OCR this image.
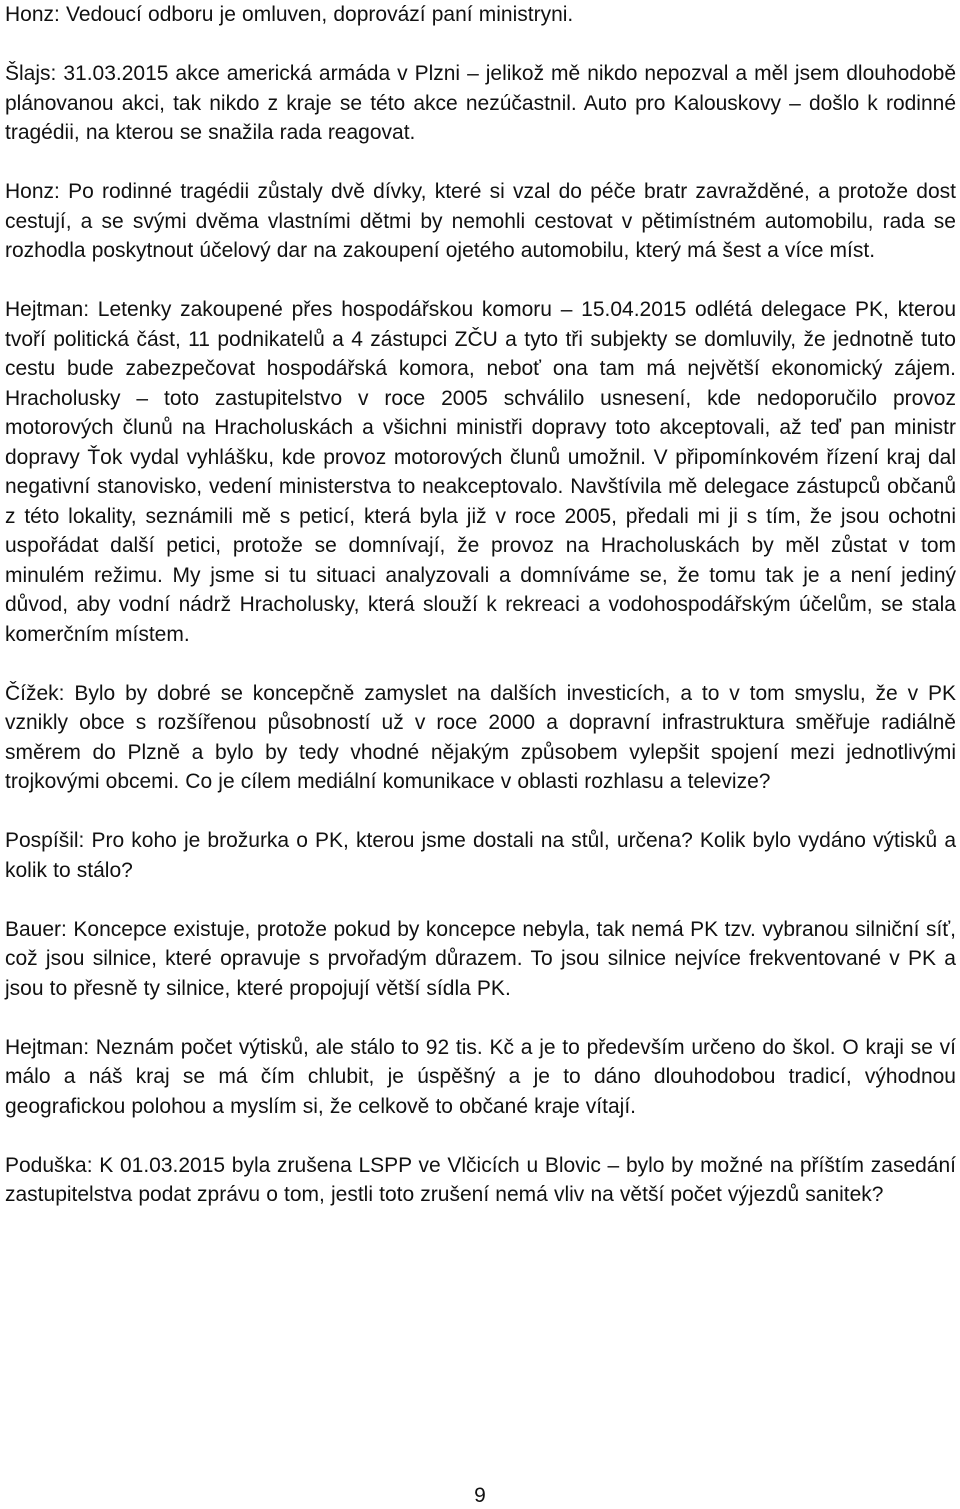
Honz: Vedoucí odboru je omluven, doprovází paní ministryni.

Šlajs: 31.03.2015 akce americká armáda v Plzni – jelikož mě nikdo nepozval a měl jsem dlouhodobě plánovanou akci, tak nikdo z kraje se této akce nezúčastnil. Auto pro Kalouskovy – došlo k rodinné tragédii, na kterou se snažila rada reagovat.

Honz: Po rodinné tragédii zůstaly dvě dívky, které si vzal do péče bratr zavražděné, a protože dost cestují, a se svými dvěma vlastními dětmi by nemohli cestovat v pětimístném automobilu, rada se rozhodla poskytnout účelový dar na zakoupení ojetého automobilu, který má šest a více míst.

Hejtman: Letenky zakoupené přes hospodářskou komoru – 15.04.2015 odlétá delegace PK, kterou tvoří politická část, 11 podnikatelů a 4 zástupci ZČU a tyto tři subjekty se domluvily, že jednotně tuto cestu bude zabezpečovat hospodářská komora, neboť ona tam má největší ekonomický zájem. Hracholusky – toto zastupitelstvo v roce 2005 schválilo usnesení, kde nedoporučilo provoz motorových člunů na Hracholuskách a všichni ministři dopravy toto akceptovali, až teď pan ministr dopravy Ťok vydal vyhlášku, kde provoz motorových člunů umožnil. V připomínkovém řízení kraj dal negativní stanovisko, vedení ministerstva to neakceptovalo. Navštívila mě delegace zástupců občanů z této lokality, seznámili mě s peticí, která byla již v roce 2005, předali mi ji s tím, že jsou ochotni uspořádat další petici, protože se domnívají, že provoz na Hracholuskách by měl zůstat v tom minulém režimu. My jsme si tu situaci analyzovali a domníváme se, že tomu tak je a není jediný důvod, aby vodní nádrž Hracholusky, která slouží k rekreaci a vodohospodářským účelům, se stala komerčním místem.

Čížek: Bylo by dobré se koncepčně zamyslet na dalších investicích, a to v tom smyslu, že v PK vznikly obce s rozšířenou působností už v roce 2000 a dopravní infrastruktura směřuje radiálně směrem do Plzně a bylo by tedy vhodné nějakým způsobem vylepšit spojení mezi jednotlivými trojkovými obcemi. Co je cílem mediální komunikace v oblasti rozhlasu a televize?

Pospíšil: Pro koho je brožurka o PK, kterou jsme dostali na stůl, určena? Kolik bylo vydáno výtisků a kolik to stálo?

Bauer: Koncepce existuje, protože pokud by koncepce nebyla, tak nemá PK tzv. vybranou silniční síť, což jsou silnice, které opravuje s prvořadým důrazem. To jsou silnice nejvíce frekventované v PK a jsou to přesně ty silnice, které propojují větší sídla PK.

Hejtman: Neznám počet výtisků, ale stálo to 92 tis. Kč a je to především určeno do škol. O kraji se ví málo a náš kraj se má čím chlubit, je úspěšný a je to dáno dlouhodobou tradicí, výhodnou geografickou polohou a myslím si, že celkově to občané kraje vítají.

Poduška: K 01.03.2015 byla zrušena LSPP ve Vlčicích u Blovic – bylo by možné na příštím zasedání zastupitelstva podat zprávu o tom, jestli toto zrušení nemá vliv na větší počet výjezdů sanitek?

9
